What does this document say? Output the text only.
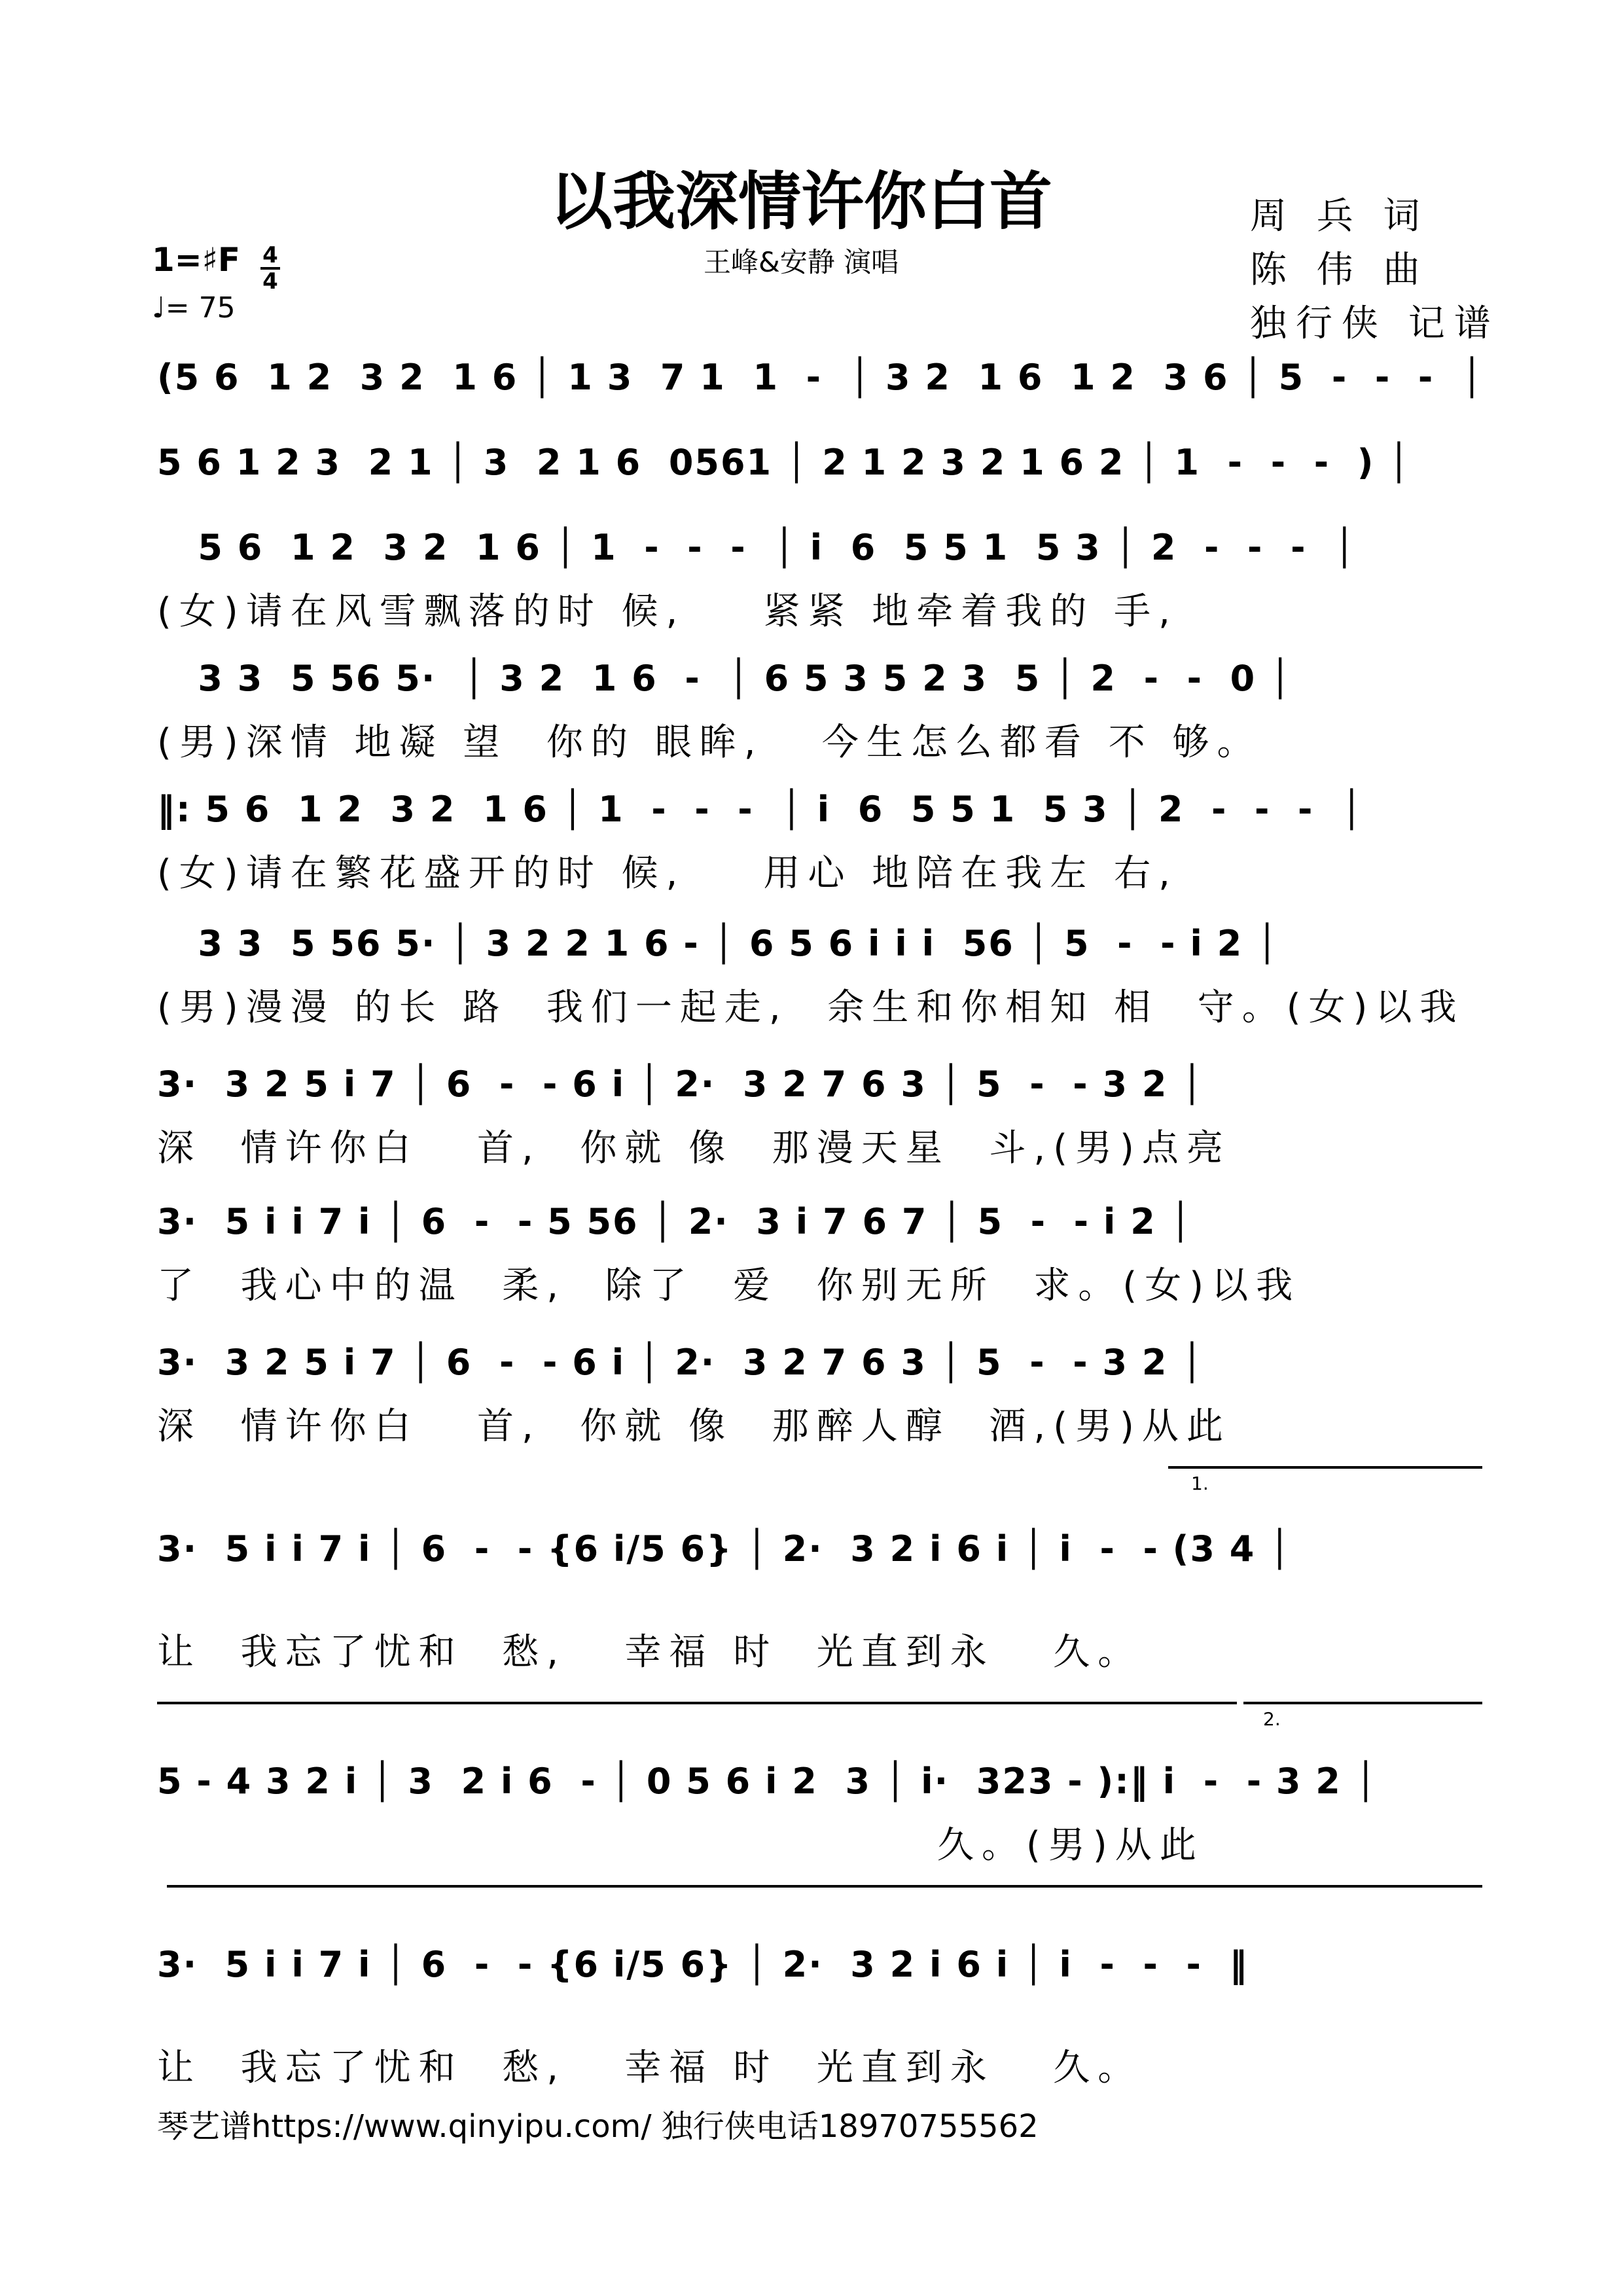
以我深情许你白首	周 兵 词
陈 伟 曲
独行侠 记谱
王峰&安静 演唱
1=♯F 4
4
♩= 75
(5 6  1 2  3 2  1 6 │ 1 3  7 1  1  -  │ 3 2  1 6  1 2  3 6 │ 5  -  -  -  │
5 6 1 2 3  2 1 │ 3  2 1 6  0561 │ 2 1 2 3 2 1 6 2 │ 1  -  -  -  ) │
5 6  1 2  3 2  1 6 │ 1  -  -  -  │ i  6  5 5 1  5 3 │ 2  -  -  -  │
(女)请在风雪飘落的时 候,    紧紧 地牵着我的 手,
3 3  5 56 5·  │ 3 2  1 6  -  │ 6 5 3 5 2 3  5 │ 2  -  -  0 │
(男)深情 地凝 望  你的 眼眸,   今生怎么都看 不 够。
‖: 5 6  1 2  3 2  1 6 │ 1  -  -  -  │ i  6  5 5 1  5 3 │ 2  -  -  -  │
(女)请在繁花盛开的时 候,    用心 地陪在我左 右,
3 3  5 56 5· │ 3 2 2 1 6 - │ 6 5 6 i i i  56 │ 5  -  - i 2 │
(男)漫漫 的长 路  我们一起走,  余生和你相知 相  守。(女)以我
3·  3 2 5 i 7 │ 6  -  - 6 i │ 2·  3 2 7 6 3 │ 5  -  - 3 2 │
深  情许你白   首,  你就 像  那漫天星  斗,(男)点亮
3·  5 i i 7 i │ 6  -  - 5 56 │ 2·  3 i 7 6 7 │ 5  -  - i 2 │
了  我心中的温  柔,  除了  爱  你别无所  求。(女)以我
3·  3 2 5 i 7 │ 6  -  - 6 i │ 2·  3 2 7 6 3 │ 5  -  - 3 2 │
深  情许你白   首,  你就 像  那醉人醇  酒,(男)从此
1.
3·  5 i i 7 i │ 6  -  - {6 i/5 6} │ 2·  3 2 i 6 i │ i  -  - (3 4 │
让  我忘了忧和  愁,   幸福 时  光直到永   久。
2.
5 - 4 3 2 i │ 3  2 i 6  - │ 0 5 6 i 2  3 │ i·  323 - ):‖ i  -  - 3 2 │
久。(男)从此
3·  5 i i 7 i │ 6  -  - {6 i/5 6} │ 2·  3 2 i 6 i │ i  -  -  -  ‖
让  我忘了忧和  愁,   幸福 时  光直到永   久。
琴艺谱https://www.qinyipu.com/ 独行侠电话18970755562
